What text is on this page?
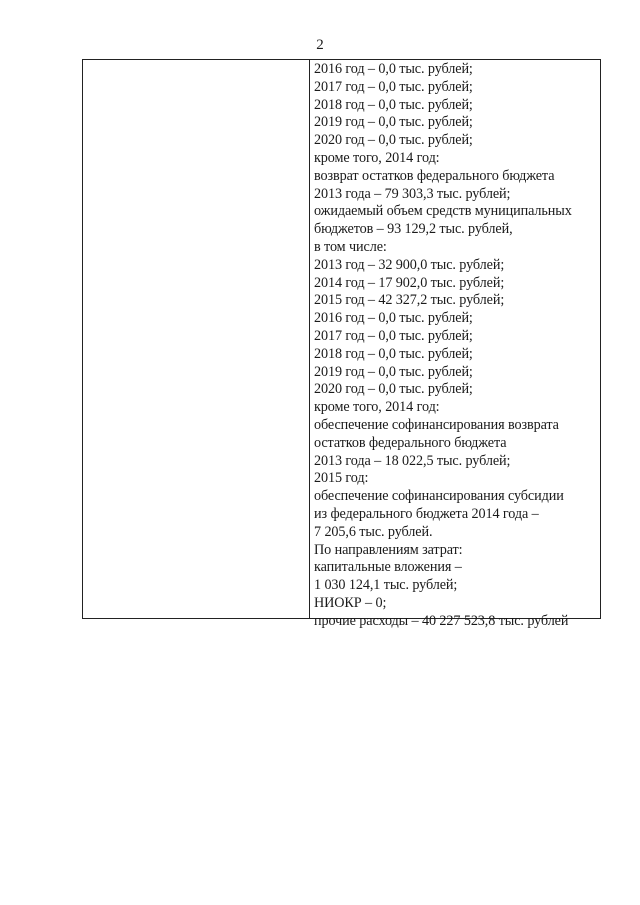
2
2016 год – 0,0 тыс. рублей;
2017 год – 0,0 тыс. рублей;
2018 год – 0,0 тыс. рублей;
2019 год – 0,0 тыс. рублей;
2020 год – 0,0 тыс. рублей;
кроме того, 2014 год:
возврат остатков федерального бюджета
2013 года – 79 303,3 тыс. рублей;
ожидаемый объем средств муниципальных
бюджетов – 93 129,2 тыс. рублей,
в том числе:
2013 год – 32 900,0 тыс. рублей;
2014 год – 17 902,0 тыс. рублей;
2015 год – 42 327,2 тыс. рублей;
2016 год – 0,0 тыс. рублей;
2017 год – 0,0 тыс. рублей;
2018 год – 0,0 тыс. рублей;
2019 год – 0,0 тыс. рублей;
2020 год – 0,0 тыс. рублей;
кроме того, 2014 год:
обеспечение софинансирования возврата
остатков федерального бюджета
2013 года – 18 022,5 тыс. рублей;
2015 год:
обеспечение софинансирования субсидии
из федерального бюджета 2014 года –
7 205,6 тыс. рублей.
По направлениям затрат:
капитальные вложения –
1 030 124,1 тыс. рублей;
НИОКР – 0;
прочие расходы – 40 227 523,8 тыс. рублей
